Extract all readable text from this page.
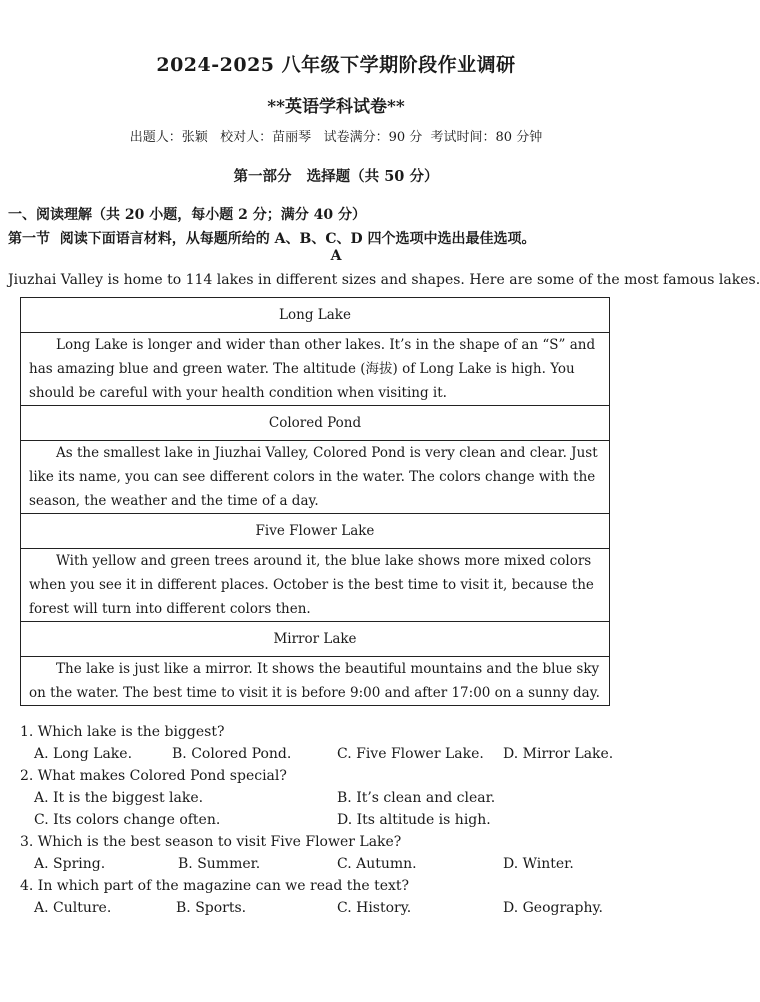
2024-2025 八年级下学期阶段作业调研
**英语学科试卷**
出题人：张颖   校对人：苗丽琴   试卷满分：90 分  考试时间：80 分钟
第一部分   选择题（共 50 分）
一、阅读理解（共 20 小题，每小题 2 分；满分 40 分）
第一节  阅读下面语言材料，从每题所给的 A、B、C、D 四个选项中选出最佳选项。
A
Jiuzhai Valley is home to 114 lakes in different sizes and shapes. Here are some of the most famous lakes.
Long Lake
Long Lake is longer and wider than other lakes. It’s in the shape of an “S” and has amazing blue and green water. The altitude (海拔) of Long Lake is high. You should be careful with your health condition when visiting it.
Colored Pond
As the smallest lake in Jiuzhai Valley, Colored Pond is very clean and clear. Just like its name, you can see different colors in the water. The colors change with the season, the weather and the time of a day.
Five Flower Lake
With yellow and green trees around it, the blue lake shows more mixed colors when you see it in different places. October is the best time to visit it, because the forest will turn into different colors then.
Mirror Lake
The lake is just like a mirror. It shows the beautiful mountains and the blue sky on the water. The best time to visit it is before 9:00 and after 17:00 on a sunny day.
1. Which lake is the biggest?
A. Long Lake.	B. Colored Pond.	C. Five Flower Lake. D. Mirror Lake.
2. What makes Colored Pond special?
A. It is the biggest lake.	B. It’s clean and clear.
C. Its colors change often.	D. Its altitude is high.
3. Which is the best season to visit Five Flower Lake?
A. Spring.	B. Summer.	C. Autumn.	D. Winter.
4. In which part of the magazine can we read the text?
A. Culture.	B. Sports.	C. History.	D. Geography.
